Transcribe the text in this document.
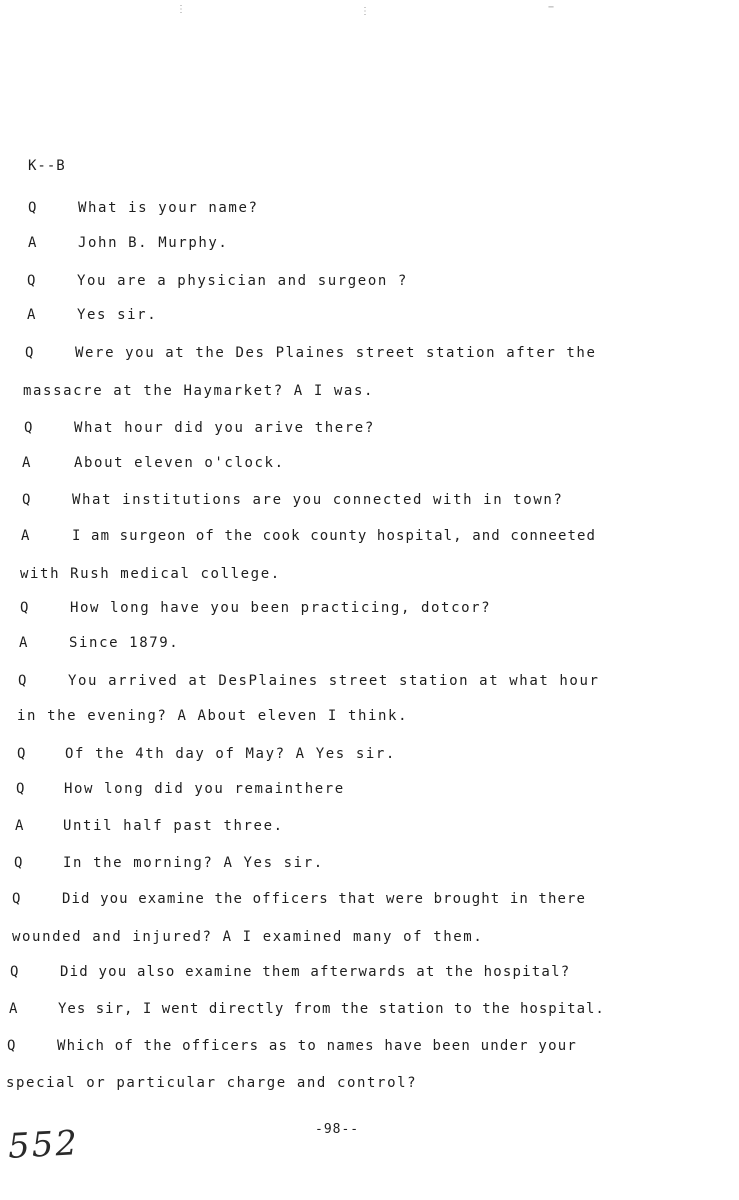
⋮	⋮	−
K--B
Q	What is your name?
A	John B. Murphy.
Q	You are a physician and surgeon ?
A	Yes sir.
Q	Were you at the Des Plaines street station after the
massacre at the Haymarket? A I was.
Q	What hour did you arive there?
A	About eleven o'clock.
Q	What institutions are you connected with in town?
A	I am surgeon of the cook county hospital, and conneeted
with Rush medical college.
Q	How long have you been practicing, dotcor?
A	Since 1879.
Q	You arrived at DesPlaines street station at what hour
in the evening? A About eleven I think.
Q	Of the 4th day of May? A Yes sir.
Q	How long did you remainthere
A	Until half past three.
Q	In the morning? A Yes sir.
Q	Did you examine the officers that were brought in there
wounded and injured? A I examined many of them.
Q	Did you also examine them afterwards at the hospital?
A	Yes sir, I went directly from the station to the hospital.
Q	Which of the officers as to names have been under your
special or particular charge and control?
552	-98--
